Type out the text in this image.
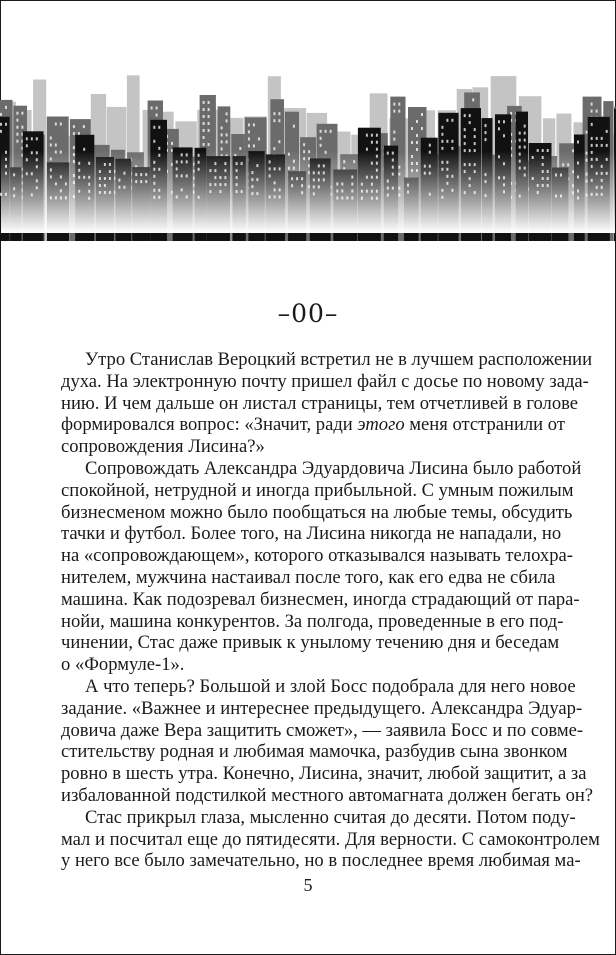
–00–
Утро Станислав Вероцкий встретил не в лучшем расположении
духа. На электронную почту пришел файл с досье по новому зада-
нию. И чем дальше он листал страницы, тем отчетливей в голове
формировался вопрос: «Значит, ради этого меня отстранили от
сопровождения Лисина?»
Сопровождать Александра Эдуардовича Лисина было работой
спокойной, нетрудной и иногда прибыльной. С умным пожилым
бизнесменом можно было пообщаться на любые темы, обсудить
тачки и футбол. Более того, на Лисина никогда не нападали, но
на «сопровождающем», которого отказывался называть телохра-
нителем, мужчина настаивал после того, как его едва не сбила
машина. Как подозревал бизнесмен, иногда страдающий от пара-
нойи, машина конкурентов. За полгода, проведенные в его под-
чинении, Стас даже привык к унылому течению дня и беседам
о «Формуле-1».
А что теперь? Большой и злой Босс подобрала для него новое
задание. «Важнее и интереснее предыдущего. Александра Эдуар-
довича даже Вера защитить сможет», — заявила Босс и по совме-
стительству родная и любимая мамочка, разбудив сына звонком
ровно в шесть утра. Конечно, Лисина, значит, любой защитит, а за
избалованной подстилкой местного автомагната должен бегать он?
Стас прикрыл глаза, мысленно считая до десяти. Потом поду-
мал и посчитал еще до пятидесяти. Для верности. С самоконтролем
у него все было замечательно, но в последнее время любимая ма-
5
